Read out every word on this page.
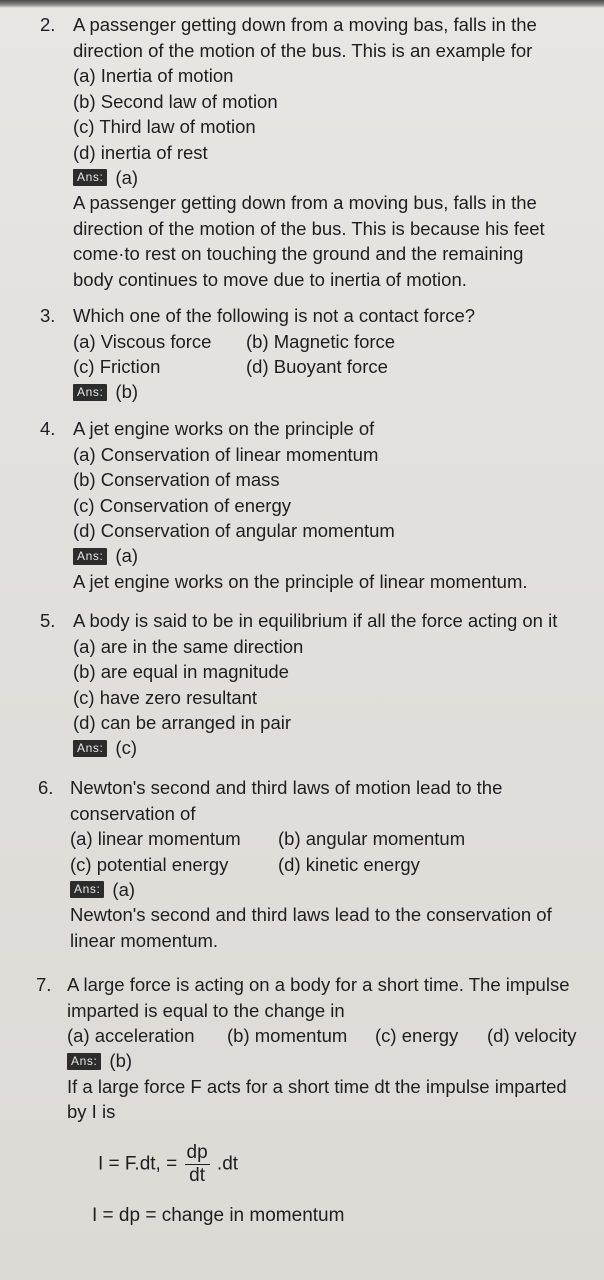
2. A passenger getting down from a moving bas, falls in the
direction of the motion of the bus. This is an example for
(a) Inertia of motion
(b) Second law of motion
(c) Third law of motion
(d) inertia of rest
Ans: (a)
A passenger getting down from a moving bus, falls in the
direction of the motion of the bus. This is because his feet
come·to rest on touching the ground and the remaining
body continues to move due to inertia of motion.
3. Which one of the following is not a contact force?
(a) Viscous force	(b) Magnetic force
(c) Friction	(d) Buoyant force
Ans: (b)
4. A jet engine works on the principle of
(a) Conservation of linear momentum
(b) Conservation of mass
(c) Conservation of energy
(d) Conservation of angular momentum
Ans: (a)
A jet engine works on the principle of linear momentum.
5. A body is said to be in equilibrium if all the force acting on it
(a) are in the same direction
(b) are equal in magnitude
(c) have zero resultant
(d) can be arranged in pair
Ans: (c)
6. Newton's second and third laws of motion lead to the
conservation of
(a) linear momentum	(b) angular momentum
(c) potential energy	(d) kinetic energy
Ans: (a)
Newton's second and third laws lead to the conservation of
linear momentum.
7. A large force is acting on a body for a short time. The impulse
imparted is equal to the change in
(a) acceleration	(b) momentum	(c) energy	(d) velocity
Ans: (b)
If a large force F acts for a short time dt the impulse imparted
by I is
I = F.dt, = $\frac{dp}{dt} .dt$
I = dp = change in momentum
